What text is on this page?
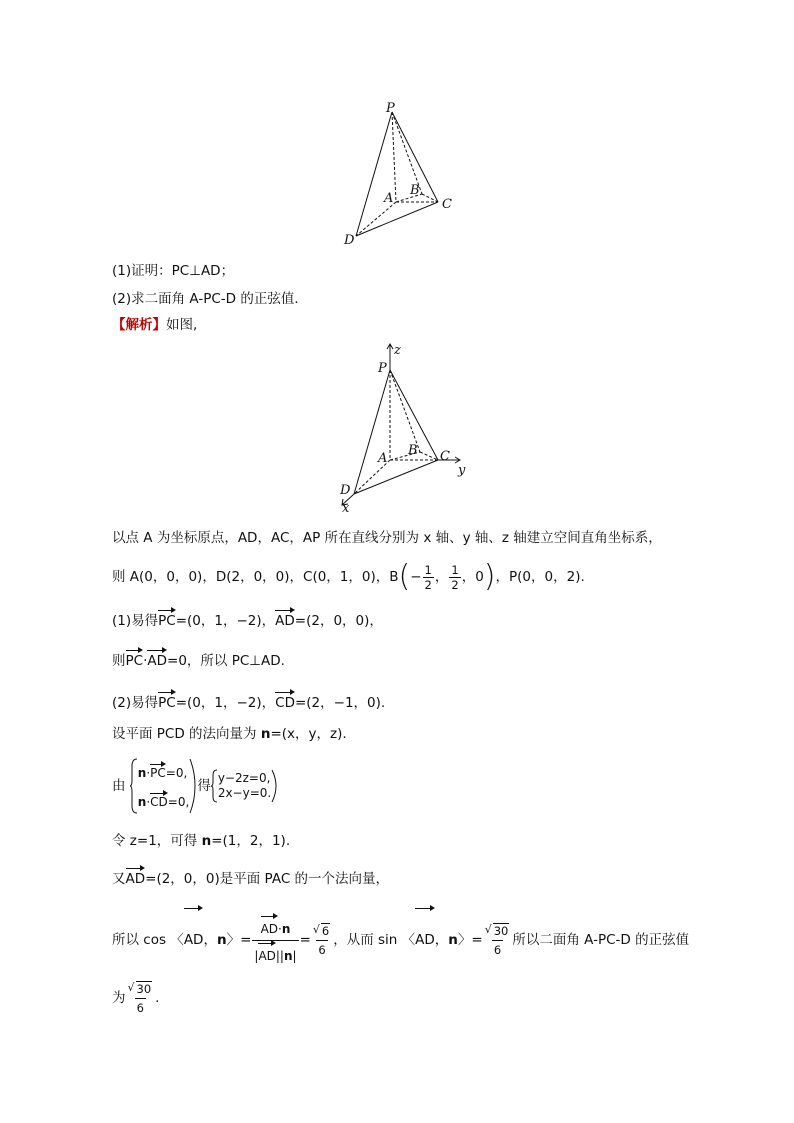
P
A
B
C
D
(1)证明：PC⊥AD；
(2)求二面角 A-PC-D 的正弦值．
【解析】如图,
z
P
A
B C
y
D
x
以点 A 为坐标原点，AD，AC，AP 所在直线分别为 x 轴、y 轴、z 轴建立空间直角坐标系，
则 A(0，0，0)，D(2，0，0)，C(0，1，0)，$B(- \frac{1}{2}$ ， $\frac{1}{2}$ ，0)，P(0，0，2).
(1)易得PC=(0，1，−2)，AD=(2，0，0)，
则PC·AD=0，所以 PC⊥AD.
(2)易得PC=(0，1，−2)，CD=(2，−1，0).
设平面 PCD 的法向量为 n=(x，y，z).
由
n·PC=0,
n·CD=0,
得 y−2z=0,
2x−y=0.
令 z=1，可得 n=(1，2，1).
又AD=(2，0，0)是平面 PAC 的一个法向量，
所以 cos 〈AD，n〉= $\frac{AD\cdot n}{|AD||n|}$ = √ $\frac{6}{6}$ ，从而 sin 〈AD，n〉= √ $\frac{30}{6}$ 所以二面角 A-PC-D 的正弦值
为 √ $\frac{30}{6}$ .
